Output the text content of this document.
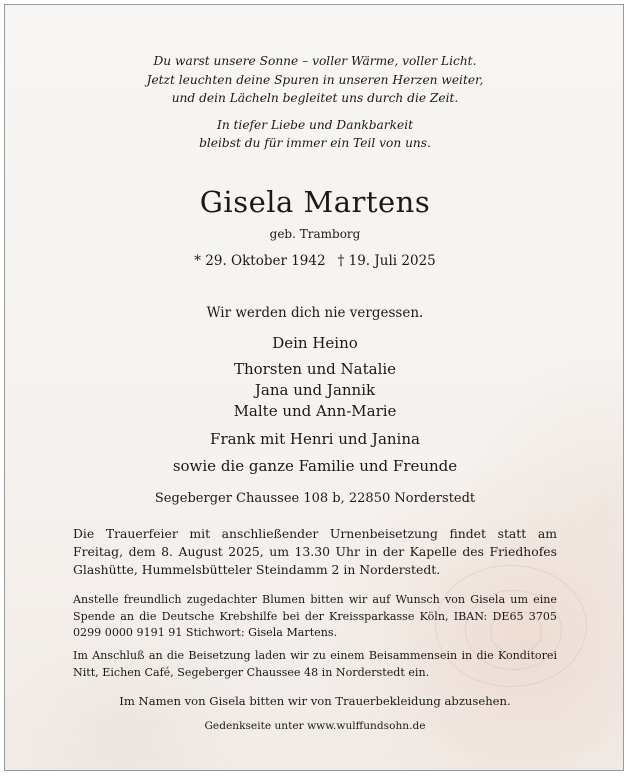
Du warst unsere Sonne – voller Wärme, voller Licht.

Jetzt leuchten deine Spuren in unseren Herzen weiter,

und dein Lächeln begleitet uns durch die Zeit.

In tiefer Liebe und Dankbarkeit

bleibst du für immer ein Teil von uns.

Gisela Martens
geb. Tramborg
* 29. Oktober 1942 † 19. Juli 2025
Wir werden dich nie vergessen.
Dein Heino
Thorsten und Natalie
Jana und Jannik
Malte und Ann-Marie
Frank mit Henri und Janina
sowie die ganze Familie und Freunde
Segeberger Chaussee 108 b, 22850 Norderstedt

Die Trauerfeier mit anschließender Urnenbeisetzung findet statt am Freitag, dem 8. August 2025, um 13.30 Uhr in der Kapelle des Friedhofes Glashütte, Hummelsbütteler Steindamm 2 in Norderstedt.

Anstelle freundlich zugedachter Blumen bitten wir auf Wunsch von Gisela um eine Spende an die Deutsche Krebshilfe bei der Kreissparkasse Köln, IBAN: DE65 3705 0299 0000 9191 91 Stichwort: Gisela Martens.

Im Anschluß an die Beisetzung laden wir zu einem Beisammensein in die Konditorei Nitt, Eichen Café, Segeberger Chaussee 48 in Norderstedt ein.

Im Namen von Gisela bitten wir von Trauerbekleidung abzusehen.
Gedenkseite unter www.wulffundsohn.de
